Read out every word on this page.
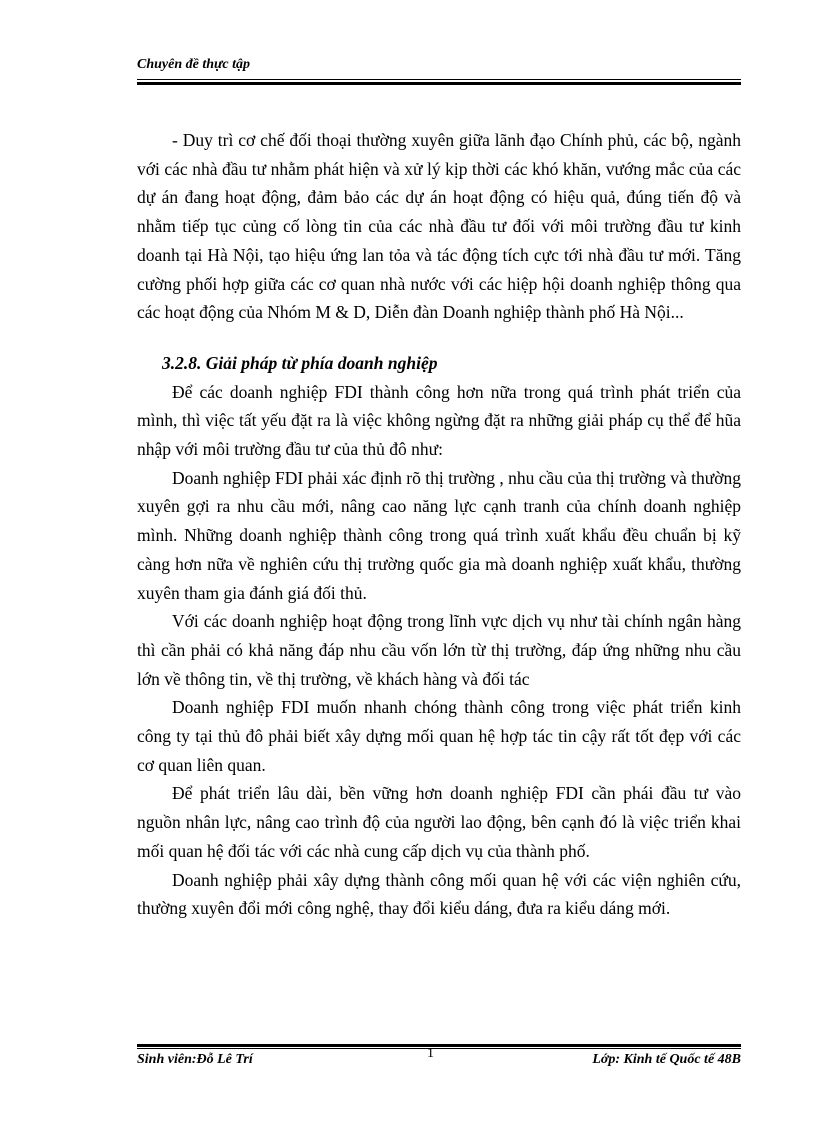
Chuyên đề thực tập

- Duy trì cơ chế đối thoại thường xuyên giữa lãnh đạo Chính phủ, các bộ, ngành với các nhà đầu tư nhằm phát hiện và xử lý kịp thời các khó khăn, vướng mắc của các dự án đang hoạt động, đảm bảo các dự án hoạt động có hiệu quả, đúng tiến độ và nhằm tiếp tục củng cố lòng tin của các nhà đầu tư đối với môi trường đầu tư kinh doanh tại Hà Nội, tạo hiệu ứng lan tỏa và tác động tích cực tới nhà đầu tư mới. Tăng cường phối hợp giữa các cơ quan nhà nước với các hiệp hội doanh nghiệp thông qua các hoạt động của Nhóm M & D, Diễn đàn Doanh nghiệp thành phố Hà Nội...

3.2.8. Giải pháp từ phía doanh nghiệp

Để các doanh nghiệp FDI thành công hơn nữa trong quá trình phát triển của mình, thì việc tất yếu đặt ra là việc không ngừng đặt ra những giải pháp cụ thể để hũa nhập với môi trường đầu tư của thủ đô như:

Doanh nghiệp FDI phải xác định rõ thị trường , nhu cầu của thị trường và thường xuyên gợi ra nhu cầu mới, nâng cao năng lực cạnh tranh của chính doanh nghiệp mình. Những doanh nghiệp thành công trong quá trình xuất khẩu đều chuẩn bị kỹ càng hơn nữa về nghiên cứu thị trường quốc gia mà doanh nghiệp xuất khẩu, thường xuyên tham gia đánh giá đối thủ.

Với các doanh nghiệp hoạt động trong lĩnh vực dịch vụ như tài chính ngân hàng thì cần phải có khả năng đáp nhu cầu vốn lớn từ thị trường, đáp ứng những nhu cầu lớn về thông tin, về thị trường, về khách hàng và đối tác

Doanh nghiệp FDI muốn nhanh chóng thành công trong việc phát triển kinh công ty tại thủ đô phải biết xây dựng mối quan hệ hợp tác tin cậy rất tốt đẹp với các cơ quan liên quan.

Để phát triển lâu dài, bền vững hơn doanh nghiệp FDI cần phái đầu tư vào nguồn nhân lực, nâng cao trình độ của người lao động, bên cạnh đó là việc triển khai mối quan hệ đối tác với các nhà cung cấp dịch vụ của thành phố.

Doanh nghiệp phải xây dựng thành công mối quan hệ với các viện nghiên cứu, thường xuyên đổi mới công nghệ, thay đổi kiểu dáng, đưa ra kiểu dáng mới.

Sinh viên:Đỗ Lê Trí	1	Lớp: Kinh tế Quốc tế 48B
